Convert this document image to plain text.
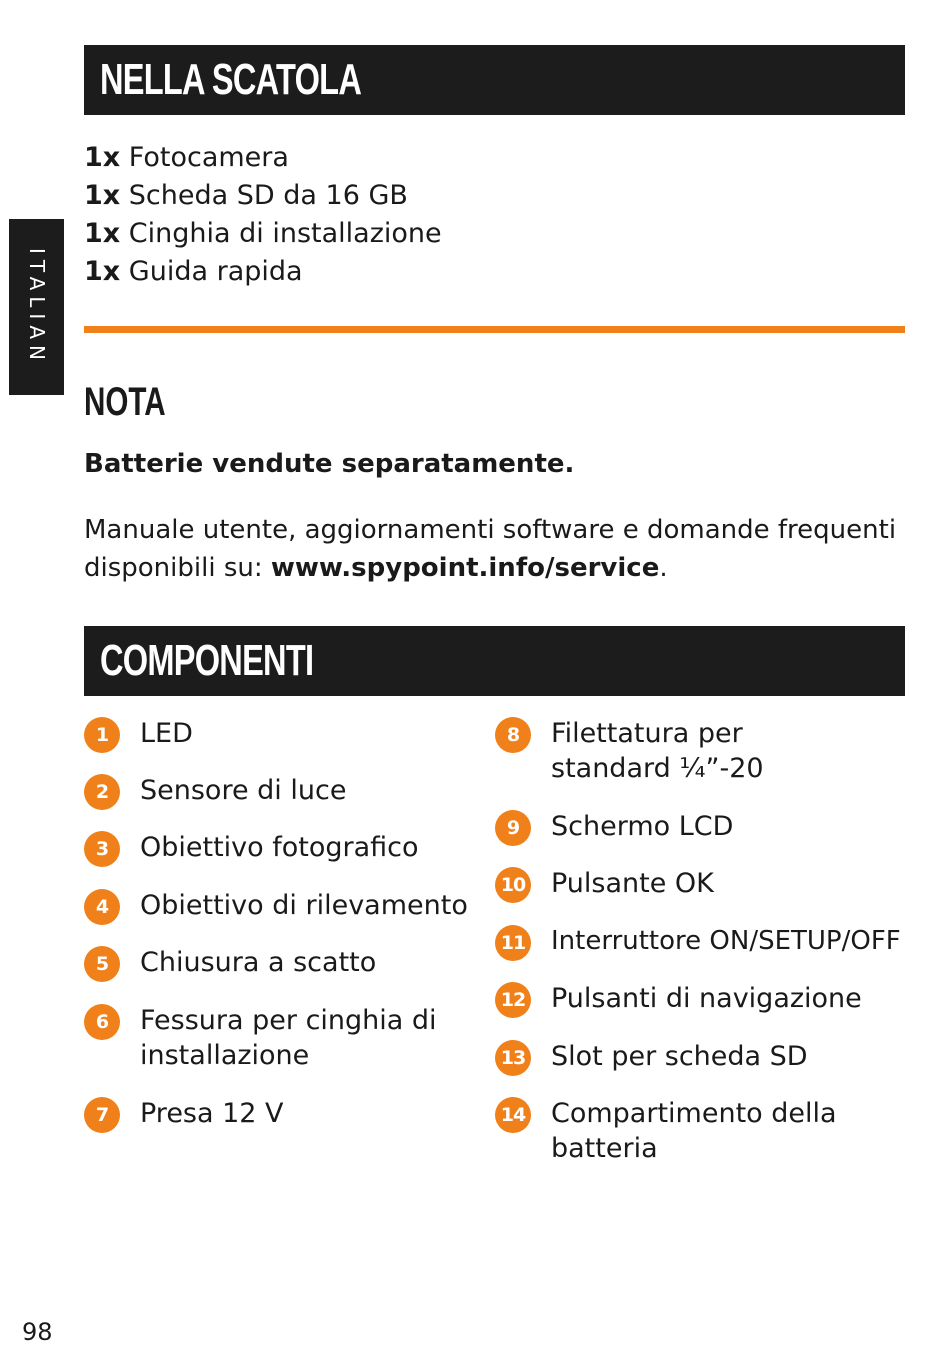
ITALIAN
NELLA SCATOLA
1x Fotocamera
1x Scheda SD da 16 GB
1x Cinghia di installazione
1x Guida rapida
NOTA
Batterie vendute separatamente.
Manuale utente, aggiornamenti software e domande frequenti disponibili su: www.spypoint.info/service.
COMPONENTI
1	LED
2	Sensore di luce
3	Obiettivo fotografico
4	Obiettivo di rilevamento
5	Chiusura a scatto
6	Fessura per cinghia di installazione
7	Presa 12 V
8	Filettatura per standard ¼”-20
9	Schermo LCD
10 Pulsante OK
11 Interruttore ON/SETUP/OFF
12 Pulsanti di navigazione
13 Slot per scheda SD
14 Compartimento della batteria
98
